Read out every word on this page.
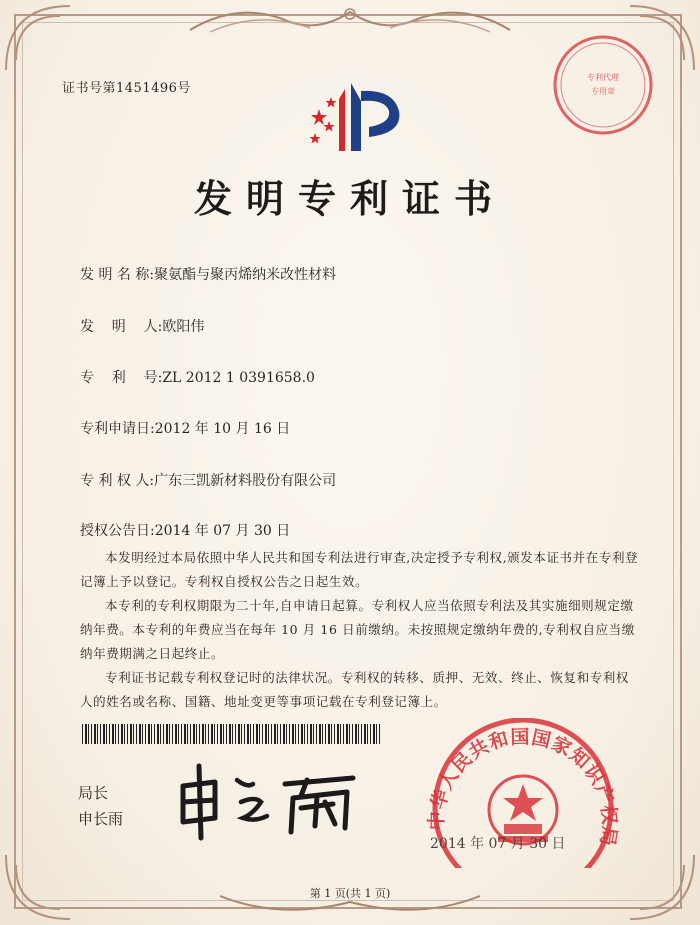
证书号第1451496号
专利代理
专用章
发明专利证书
发 明 名 称:聚氨酯与聚丙烯纳米改性材料
发    明    人:欧阳伟
专    利    号:ZL 2012 1 0391658.0
专利申请日:2012 年 10 月 16 日
专 利 权 人:广东三凯新材料股份有限公司
授权公告日:2014 年 07 月 30 日
本发明经过本局依照中华人民共和国专利法进行审查,决定授予专利权,颁发本证书并在专利登记簿上予以登记。专利权自授权公告之日起生效。
本专利的专利权期限为二十年,自申请日起算。专利权人应当依照专利法及其实施细则规定缴纳年费。本专利的年费应当在每年 10 月 16 日前缴纳。未按照规定缴纳年费的,专利权自应当缴纳年费期满之日起终止。
专利证书记载专利权登记时的法律状况。专利权的转移、质押、无效、终止、恢复和专利权人的姓名或名称、国籍、地址变更等事项记载在专利登记簿上。
局长
申长雨	中华人民共和国国家知识产权局
2014 年 07 月 30 日
第 1 页(共 1 页)
